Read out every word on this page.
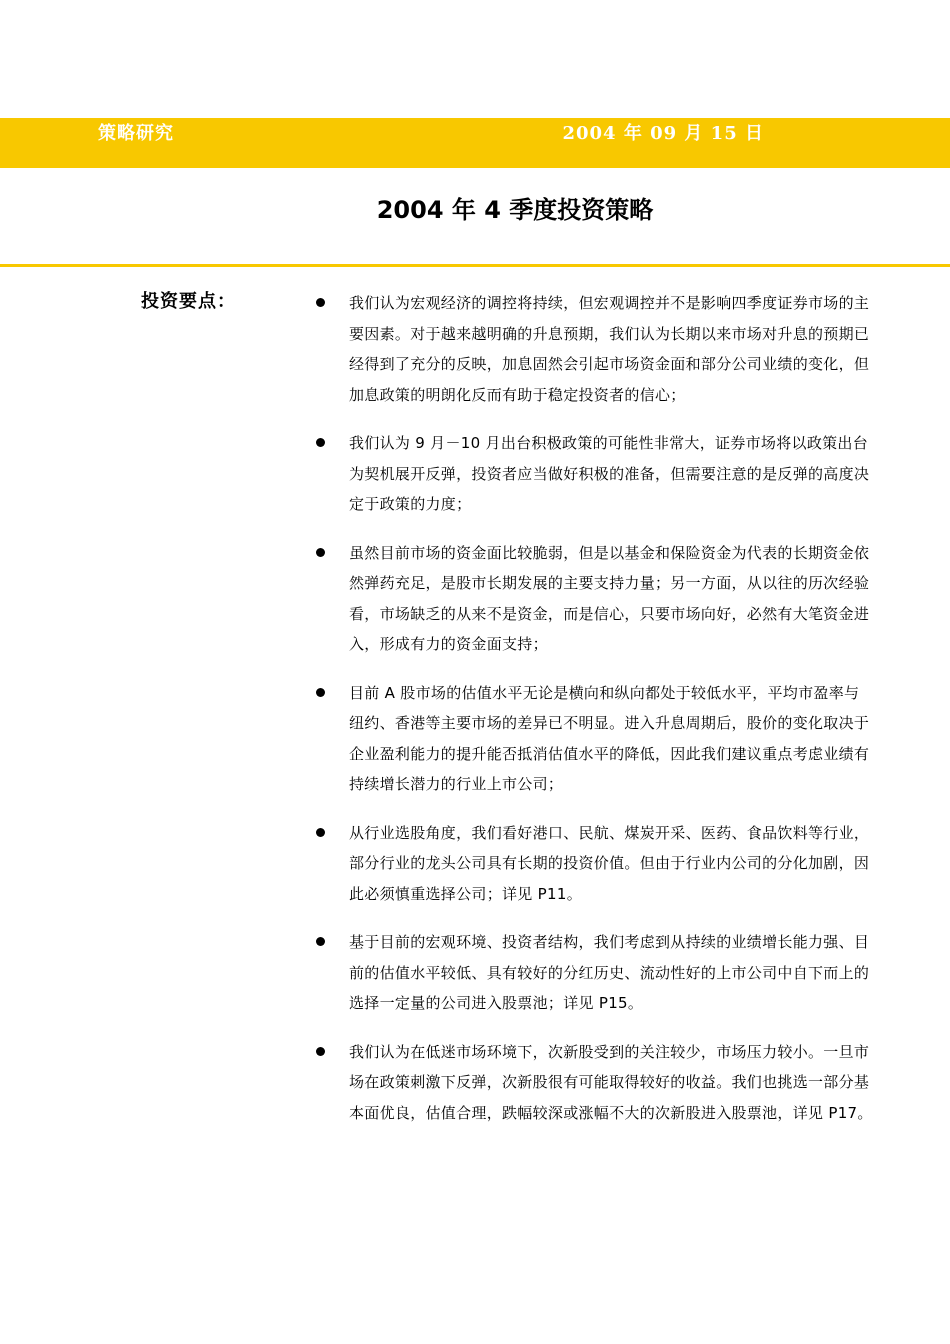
策略研究	2004 年 09 月 15 日
2004 年 4 季度投资策略
投资要点：	我们认为宏观经济的调控将持续，但宏观调控并不是影响四季度证券市场的主要因素。对于越来越明确的升息预期，我们认为长期以来市场对升息的预期已经得到了充分的反映，加息固然会引起市场资金面和部分公司业绩的变化，但加息政策的明朗化反而有助于稳定投资者的信心；
我们认为 9 月－10 月出台积极政策的可能性非常大，证券市场将以政策出台为契机展开反弹，投资者应当做好积极的准备，但需要注意的是反弹的高度决定于政策的力度；
虽然目前市场的资金面比较脆弱，但是以基金和保险资金为代表的长期资金依然弹药充足，是股市长期发展的主要支持力量；另一方面，从以往的历次经验看，市场缺乏的从来不是资金，而是信心，只要市场向好，必然有大笔资金进入，形成有力的资金面支持；
目前 A 股市场的估值水平无论是横向和纵向都处于较低水平，平均市盈率与纽约、香港等主要市场的差异已不明显。进入升息周期后，股价的变化取决于企业盈利能力的提升能否抵消估值水平的降低，因此我们建议重点考虑业绩有持续增长潜力的行业上市公司；
从行业选股角度，我们看好港口、民航、煤炭开采、医药、食品饮料等行业，部分行业的龙头公司具有长期的投资价值。但由于行业内公司的分化加剧，因此必须慎重选择公司；详见 P11。
基于目前的宏观环境、投资者结构，我们考虑到从持续的业绩增长能力强、目前的估值水平较低、具有较好的分红历史、流动性好的上市公司中自下而上的选择一定量的公司进入股票池；详见 P15。
我们认为在低迷市场环境下，次新股受到的关注较少，市场压力较小。一旦市场在政策刺激下反弹，次新股很有可能取得较好的收益。我们也挑选一部分基本面优良，估值合理，跌幅较深或涨幅不大的次新股进入股票池，详见 P17。
